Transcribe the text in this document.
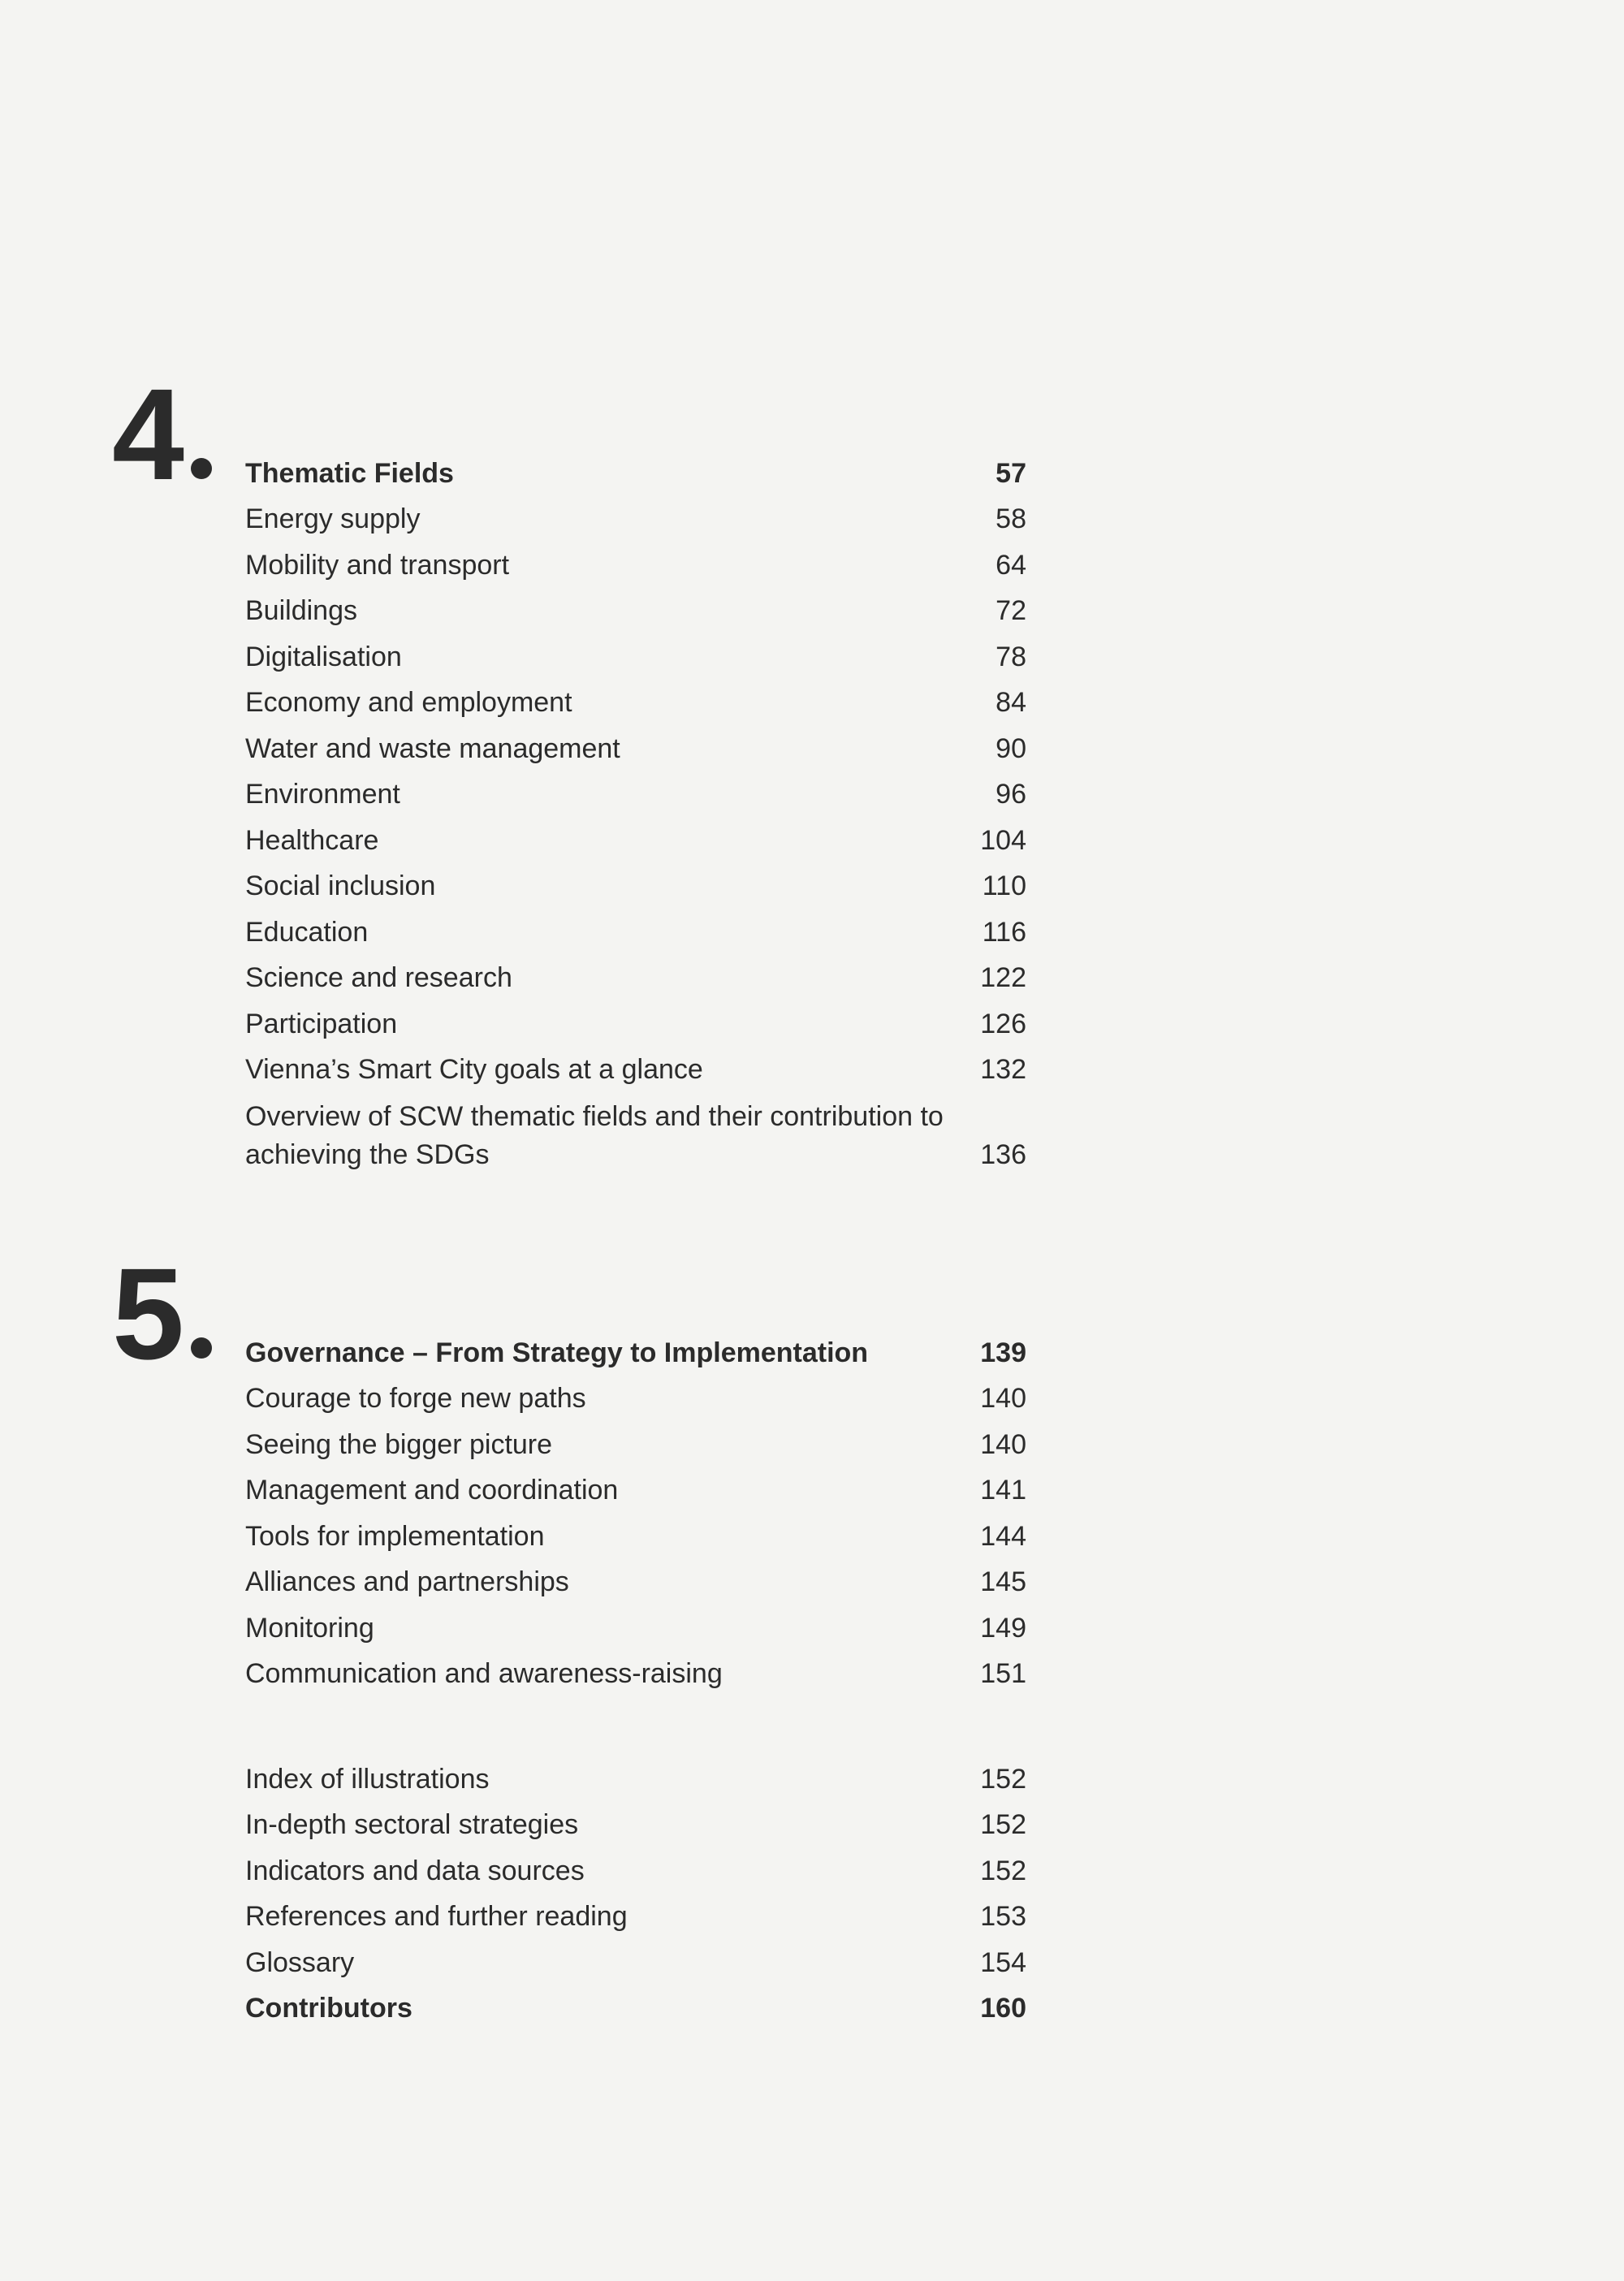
4	Thematic Fields	57
Energy supply	58
Mobility and transport	64
Buildings	72
Digitalisation	78
Economy and employment	84
Water and waste management	90
Environment	96
Healthcare	104
Social inclusion	110
Education	116
Science and research	122
Participation	126
Vienna’s Smart City goals at a glance	132
Overview of SCW thematic fields and their contribution to achieving the SDGs	136
5	Governance – From Strategy to Implementation	139
Courage to forge new paths	140
Seeing the bigger picture	140
Management and coordination	141
Tools for implementation	144
Alliances and partnerships	145
Monitoring	149
Communication and awareness-raising	151
Index of illustrations	152
In-depth sectoral strategies	152
Indicators and data sources	152
References and further reading	153
Glossary	154
Contributors	160
